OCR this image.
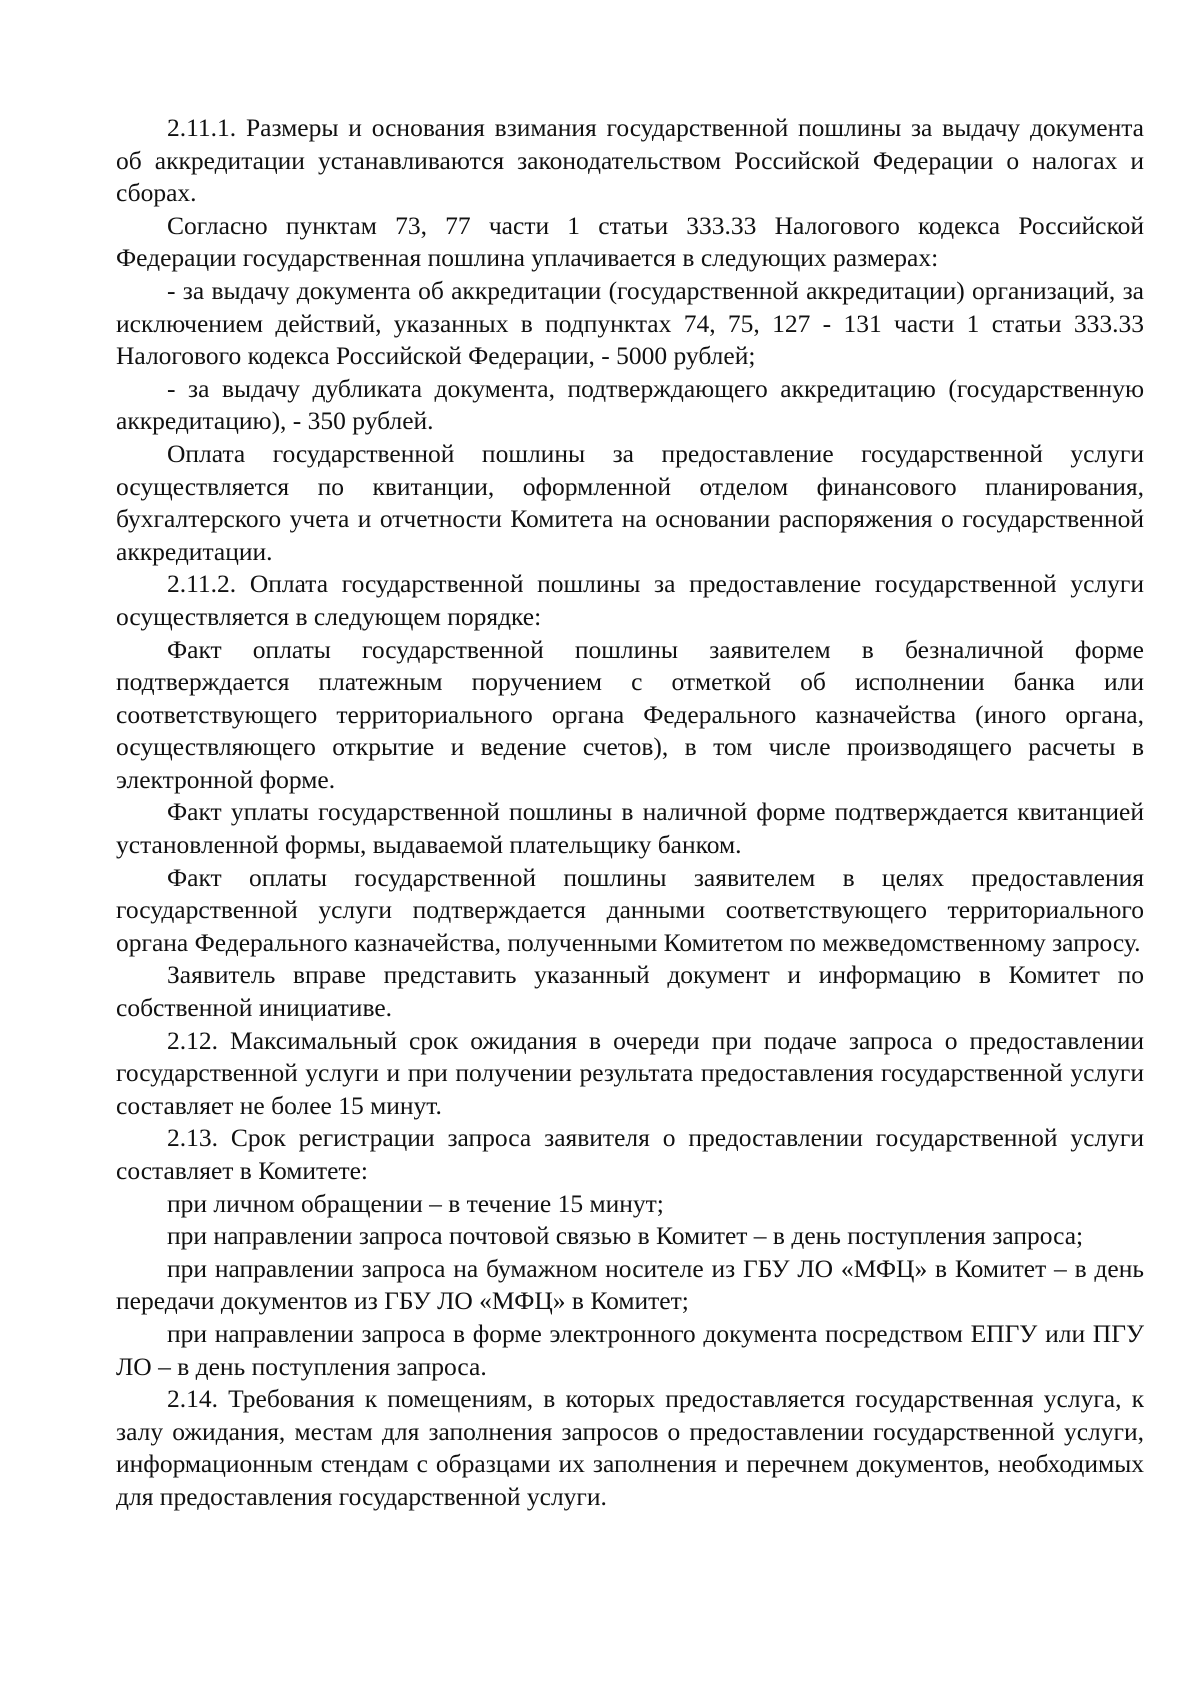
2.11.1. Размеры и основания взимания государственной пошлины за выдачу документа об аккредитации устанавливаются законодательством Российской Федерации о налогах и сборах.

Согласно пунктам 73, 77 части 1 статьи 333.33 Налогового кодекса Российской Федерации государственная пошлина уплачивается в следующих размерах:

- за выдачу документа об аккредитации (государственной аккредитации) организаций, за исключением действий, указанных в подпунктах 74, 75, 127 - 131 части 1 статьи 333.33 Налогового кодекса Российской Федерации, - 5000 рублей;

- за выдачу дубликата документа, подтверждающего аккредитацию (государственную аккредитацию), - 350 рублей.

Оплата государственной пошлины за предоставление государственной услуги осуществляется по квитанции, оформленной отделом финансового планирования, бухгалтерского учета и отчетности Комитета на основании распоряжения о государственной аккредитации.

2.11.2. Оплата государственной пошлины за предоставление государственной услуги осуществляется в следующем порядке:

Факт оплаты государственной пошлины заявителем в безналичной форме подтверждается платежным поручением с отметкой об исполнении банка или соответствующего территориального органа Федерального казначейства (иного органа, осуществляющего открытие и ведение счетов), в том числе производящего расчеты в электронной форме.

Факт уплаты государственной пошлины в наличной форме подтверждается квитанцией установленной формы, выдаваемой плательщику банком.

Факт оплаты государственной пошлины заявителем в целях предоставления государственной услуги подтверждается данными соответствующего территориального органа Федерального казначейства, полученными Комитетом по межведомственному запросу.

Заявитель вправе представить указанный документ и информацию в Комитет по собственной инициативе.

2.12. Максимальный срок ожидания в очереди при подаче запроса о предоставлении государственной услуги и при получении результата предоставления государственной услуги составляет не более 15 минут.

2.13. Срок регистрации запроса заявителя о предоставлении государственной услуги составляет в Комитете:

при личном обращении – в течение 15 минут;

при направлении запроса почтовой связью в Комитет – в день поступления запроса;

при направлении запроса на бумажном носителе из ГБУ ЛО «МФЦ» в Комитет – в день передачи документов из ГБУ ЛО «МФЦ» в Комитет;

при направлении запроса в форме электронного документа посредством ЕПГУ или ПГУ ЛО – в день поступления запроса.

2.14. Требования к помещениям, в которых предоставляется государственная услуга, к залу ожидания, местам для заполнения запросов о предоставлении государственной услуги, информационным стендам с образцами их заполнения и перечнем документов, необходимых для предоставления государственной услуги.
